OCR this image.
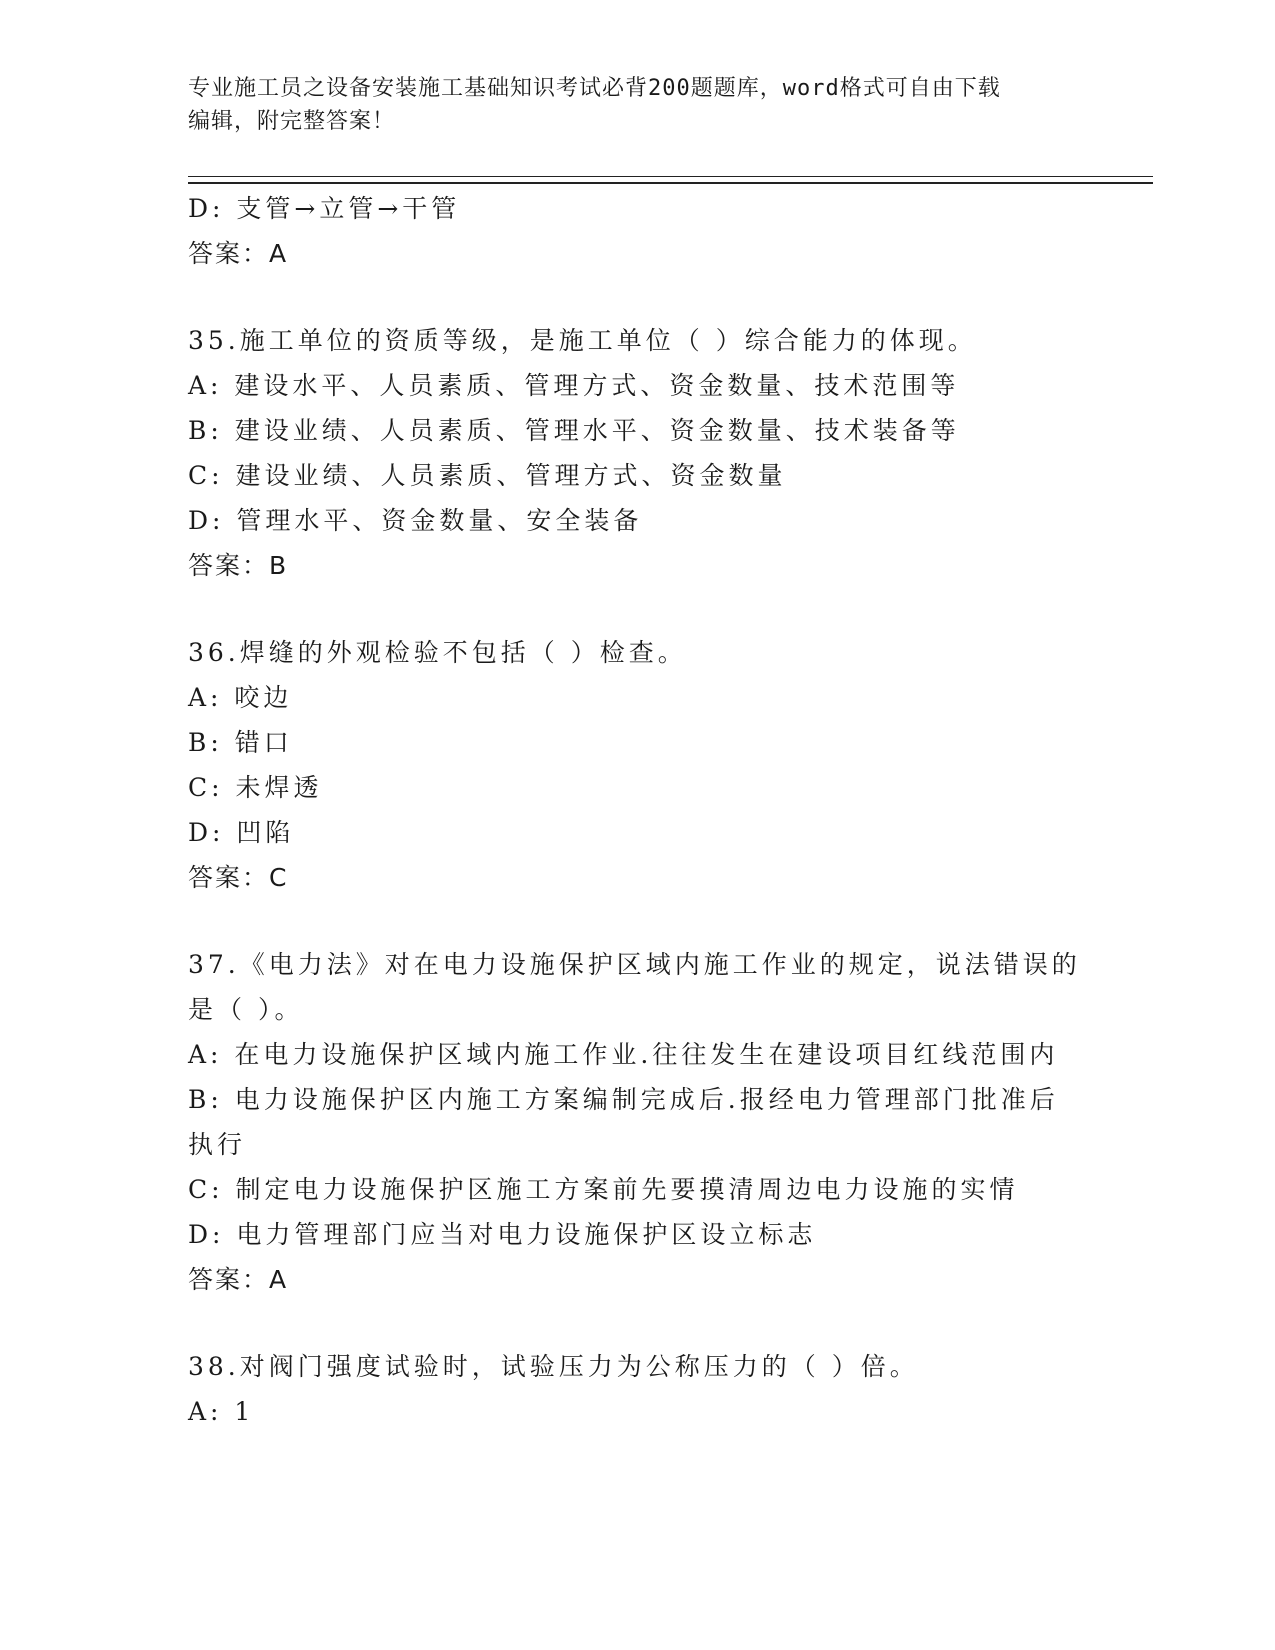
专业施工员之设备安装施工基础知识考试必背200题题库，word格式可自由下载
编辑，附完整答案！
D: 支管→立管→干管
答案：A
35.施工单位的资质等级，是施工单位（ ）综合能力的体现。
A: 建设水平、人员素质、管理方式、资金数量、技术范围等
B: 建设业绩、人员素质、管理水平、资金数量、技术装备等
C: 建设业绩、人员素质、管理方式、资金数量
D: 管理水平、资金数量、安全装备
答案：B
36.焊缝的外观检验不包括（ ）检查。
A: 咬边
B: 错口
C: 未焊透
D: 凹陷
答案：C
37.《电力法》对在电力设施保护区域内施工作业的规定，说法错误的
是（ ）。
A: 在电力设施保护区域内施工作业.往往发生在建设项目红线范围内
B: 电力设施保护区内施工方案编制完成后.报经电力管理部门批准后
执行
C: 制定电力设施保护区施工方案前先要摸清周边电力设施的实情
D: 电力管理部门应当对电力设施保护区设立标志
答案：A
38.对阀门强度试验时，试验压力为公称压力的（ ）倍。
A: 1
